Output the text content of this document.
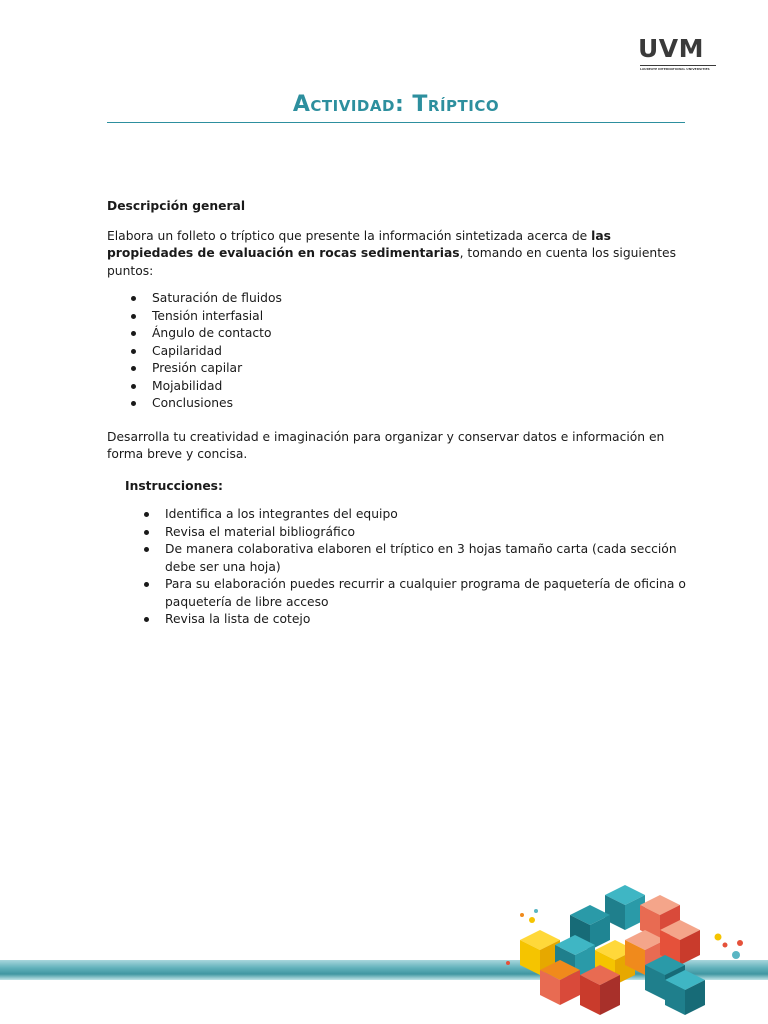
UVM
LAUREATE INTERNATIONAL UNIVERSITIES
Actividad: Tríptico

Descripción general

Elabora un folleto o tríptico que presente la información sintetizada acerca de las propiedades de evaluación en rocas sedimentarias, tomando en cuenta los siguientes puntos:

Saturación de fluidos
Tensión interfasial
Ángulo de contacto
Capilaridad
Presión capilar
Mojabilidad
Conclusiones

Desarrolla tu creatividad e imaginación para organizar y conservar datos e información en forma breve y concisa.

Instrucciones:

Identifica a los integrantes del equipo
Revisa el material bibliográfico
De manera colaborativa elaboren el tríptico en 3 hojas tamaño carta (cada sección debe ser una hoja)
Para su elaboración puedes recurrir a cualquier programa de paquetería de oficina o paquetería de libre acceso
Revisa la lista de cotejo
